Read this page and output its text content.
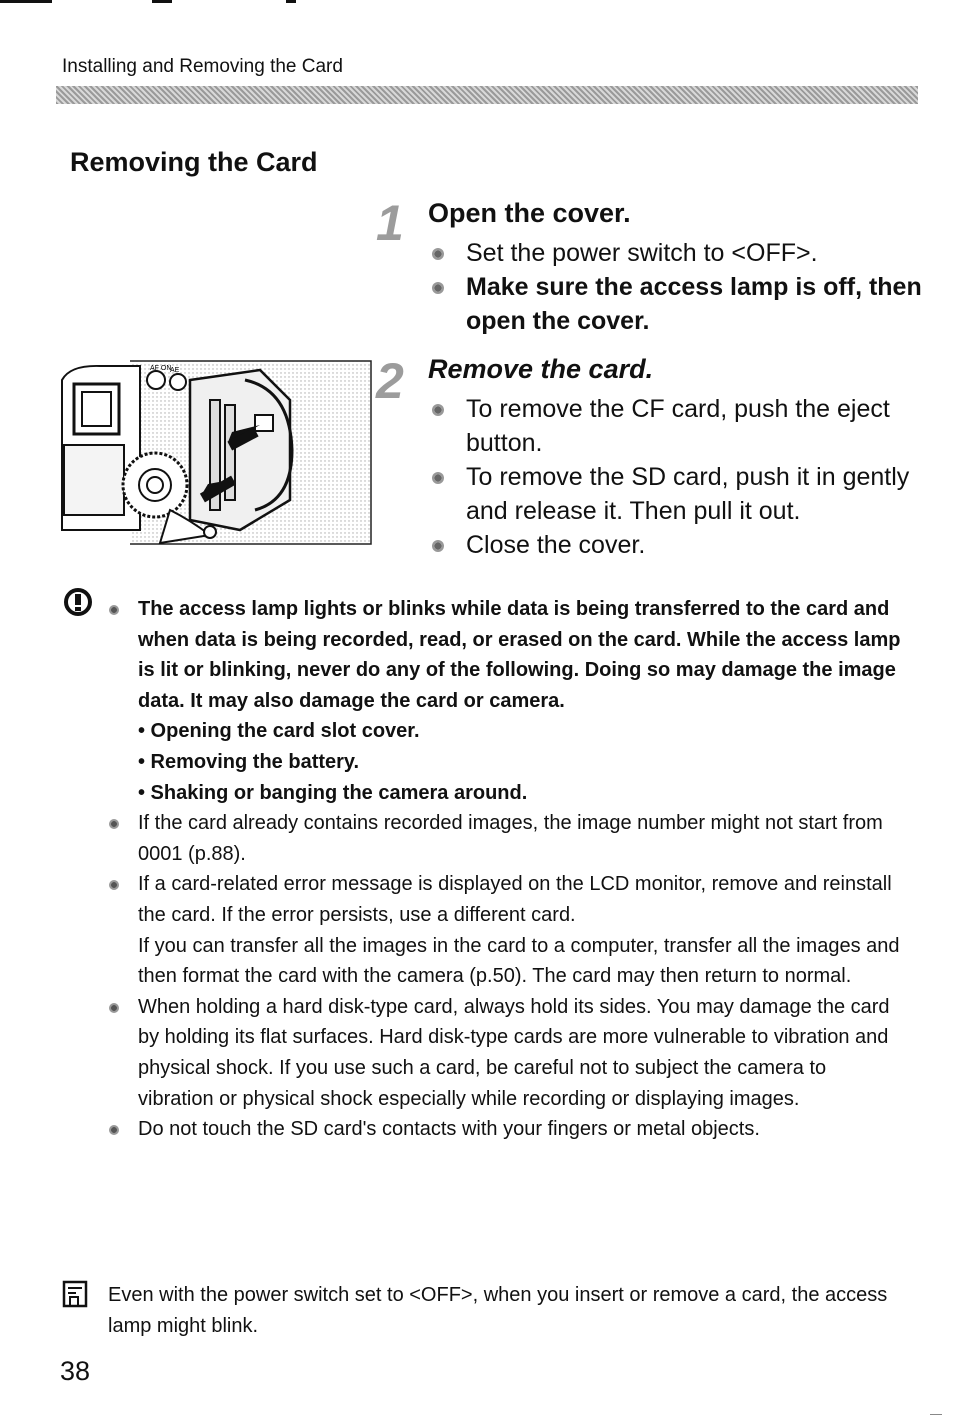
Installing and Removing the Card
Removing the Card
1 Open the cover.
Set the power switch to <OFF>.
Make sure the access lamp is off, then open the cover.
AF ON
AE	2 Remove the card.
To remove the CF card, push the eject button.
To remove the SD card, push it in gently and release it. Then pull it out.
Close the cover.
The access lamp lights or blinks while data is being transferred to the card and when data is being recorded, read, or erased on the card. While the access lamp is lit or blinking, never do any of the following. Doing so may damage the image data. It may also damage the card or camera.
• Opening the card slot cover.
• Removing the battery.
• Shaking or banging the camera around.
If the card already contains recorded images, the image number might not start from 0001 (p.88).
If a card-related error message is displayed on the LCD monitor, remove and reinstall the card. If the error persists, use a different card.
If you can transfer all the images in the card to a computer, transfer all the images and then format the card with the camera (p.50). The card may then return to normal.
When holding a hard disk-type card, always hold its sides. You may damage the card by holding its flat surfaces. Hard disk-type cards are more vulnerable to vibration and physical shock. If you use such a card, be careful not to subject the camera to vibration or physical shock especially while recording or displaying images.
Do not touch the SD card's contacts with your fingers or metal objects.
Even with the power switch set to <OFF>, when you insert or remove a card, the access lamp might blink.
38
